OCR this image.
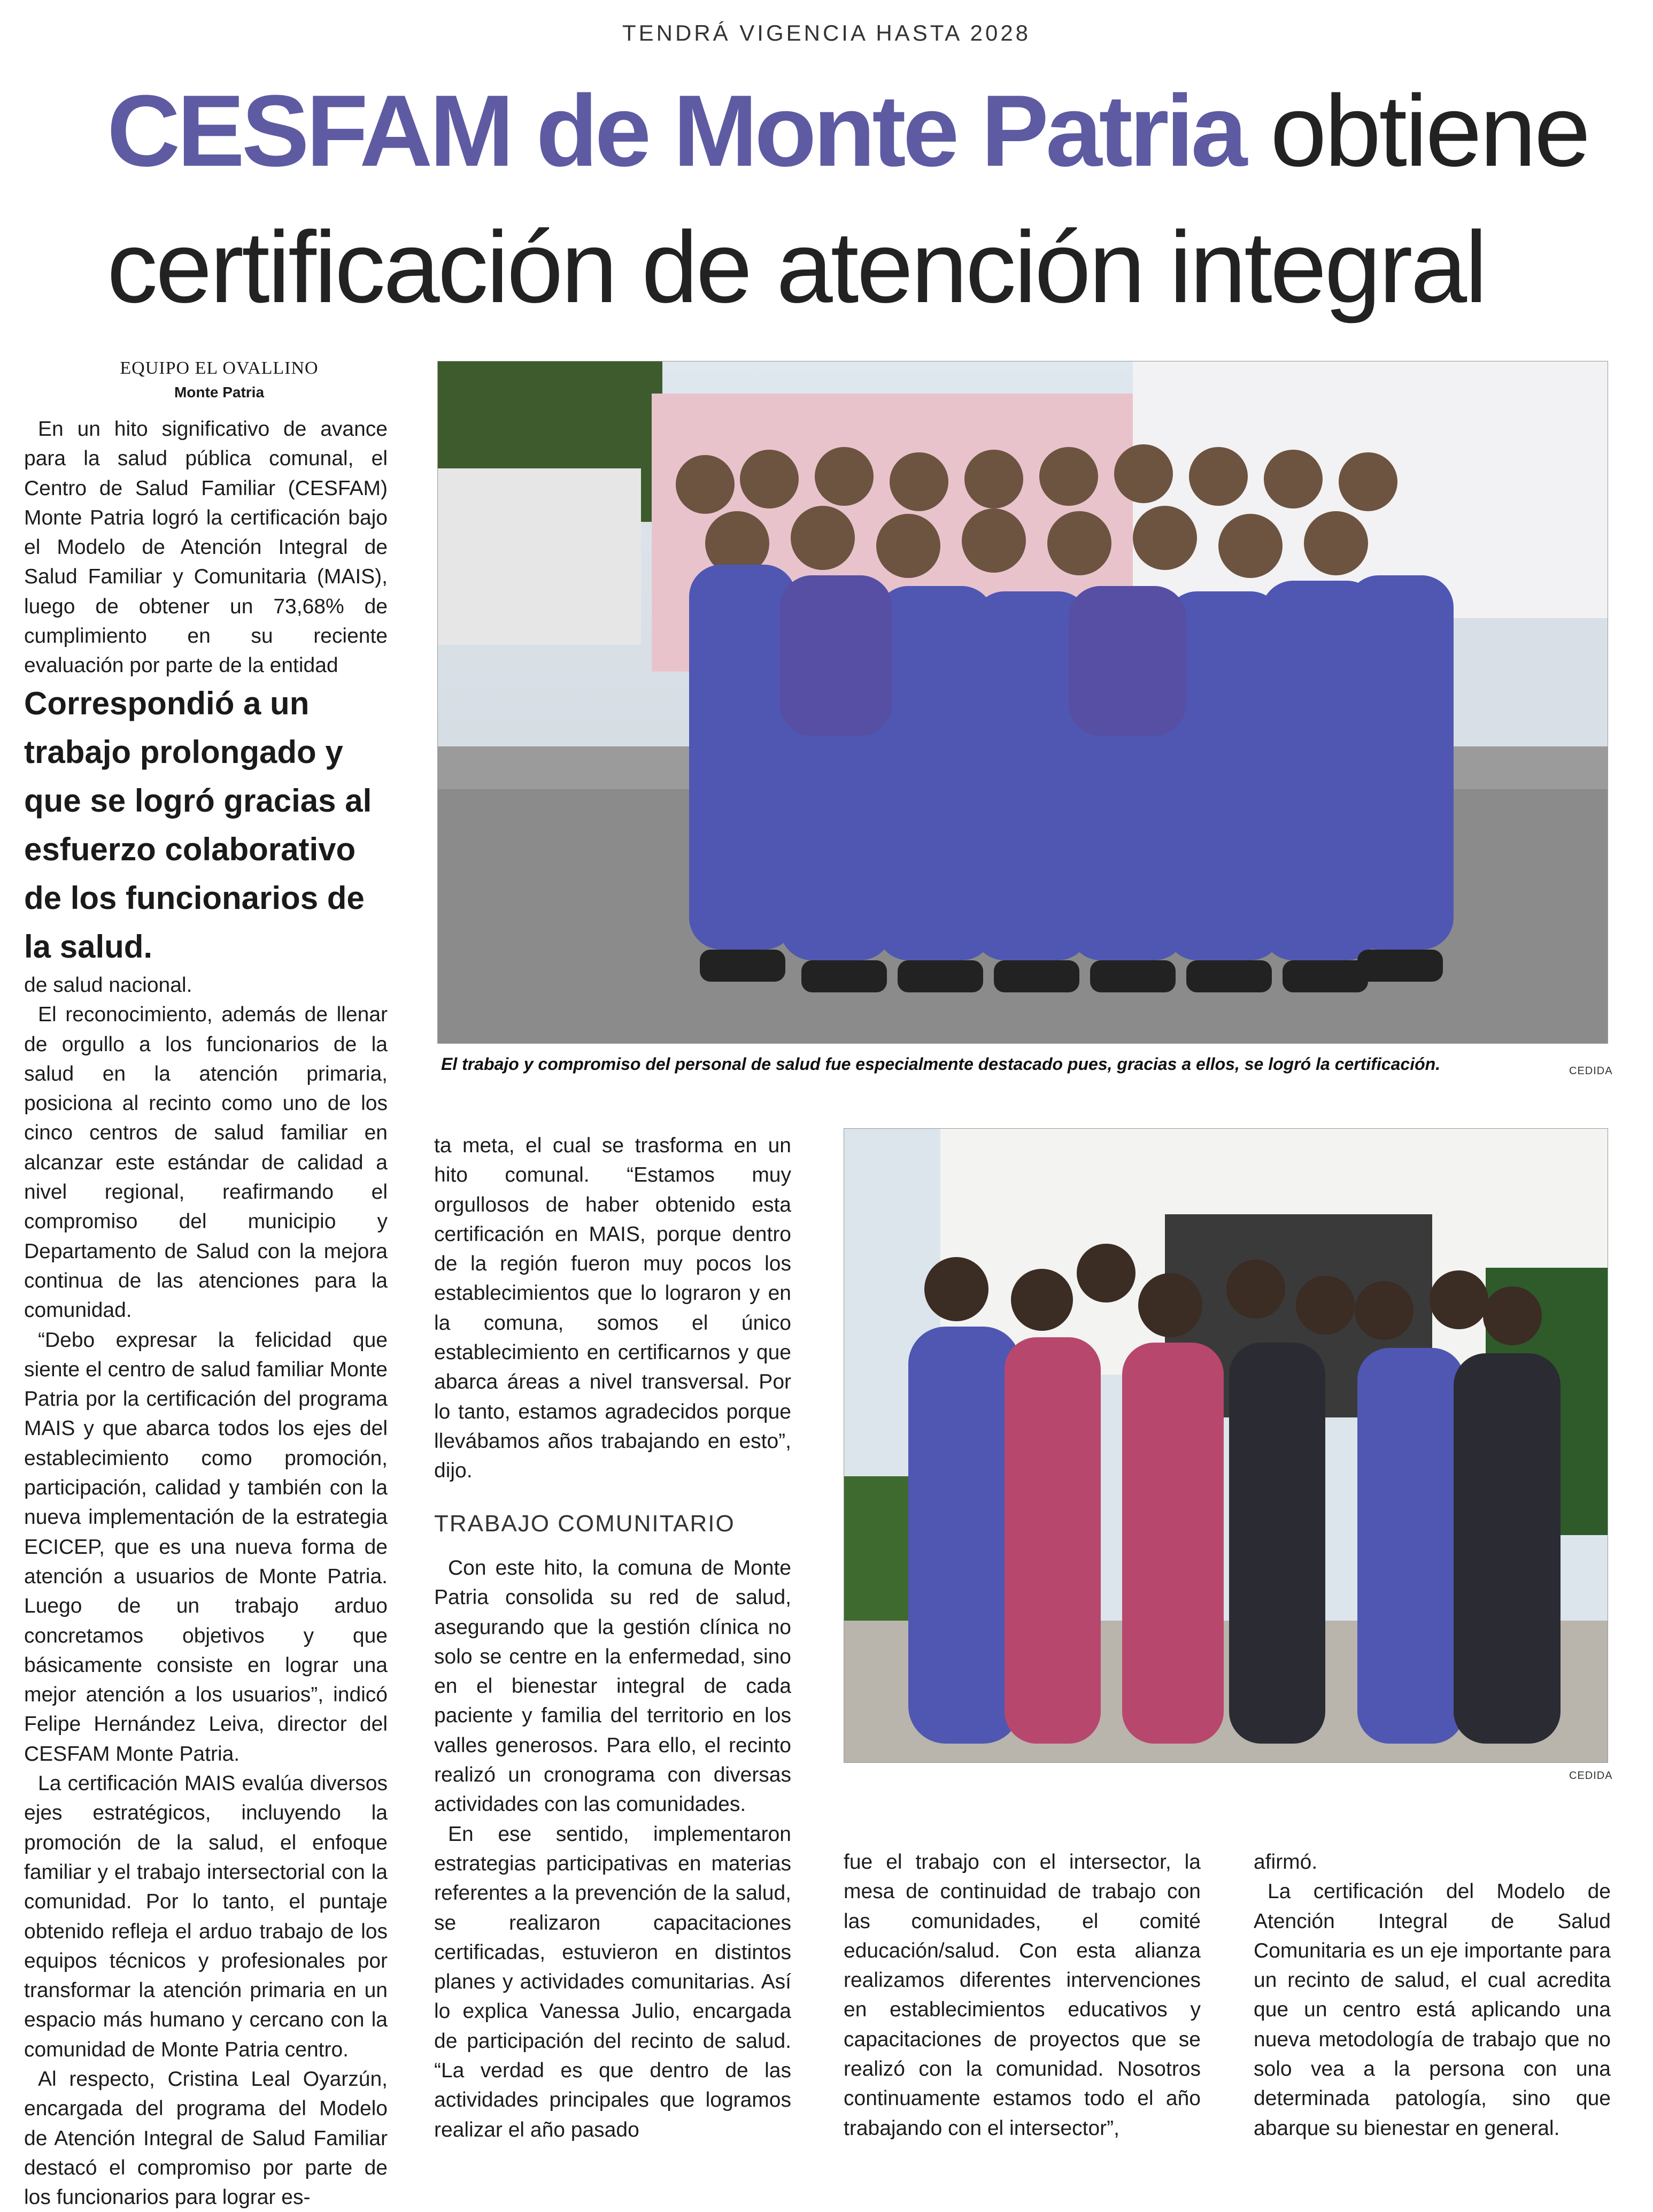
TENDRÁ VIGENCIA HASTA 2028
CESFAM de Monte Patria obtiene
certificación de atención integral
EQUIPO EL OVALLINO
Monte Patria

En un hito significativo de avance para la salud pública comunal, el Centro de Salud Familiar (CESFAM) Monte Patria logró la certificación bajo el Modelo de Atención Integral de Salud Familiar y Comunitaria (MAIS), luego de obtener un 73,68% de cumplimiento en su reciente evaluación por parte de la entidad

Correspondió a un trabajo prolongado y que se logró gracias al esfuerzo colaborativo de los funcionarios de la salud.

de salud nacional.

El reconocimiento, además de llenar de orgullo a los funcionarios de la salud en la atención primaria, posiciona al recinto como uno de los cinco centros de salud familiar en alcanzar este estándar de calidad a nivel regional, reafirmando el compromiso del municipio y Departamento de Salud con la mejora continua de las atenciones para la comunidad.

“Debo expresar la felicidad que siente el centro de salud familiar Monte Patria por la certificación del programa MAIS y que abarca todos los ejes del establecimiento como promoción, participación, calidad y también con la nueva implementación de la estrategia ECICEP, que es una nueva forma de atención a usuarios de Monte Patria. Luego de un trabajo arduo concretamos objetivos y que básicamente consiste en lograr una mejor atención a los usuarios”, indicó Felipe Hernández Leiva, director del CESFAM Monte Patria.

La certificación MAIS evalúa diversos ejes estratégicos, incluyendo la promoción de la salud, el enfoque familiar y el trabajo intersectorial con la comunidad. Por lo tanto, el puntaje obtenido refleja el arduo trabajo de los equipos técnicos y profesionales por transformar la atención primaria en un espacio más humano y cercano con la comunidad de Monte Patria centro.

Al respecto, Cristina Leal Oyarzún, encargada del programa del Modelo de Atención Integral de Salud Familiar destacó el compromiso por parte de los funcionarios para lograr es-

El trabajo y compromiso del personal de salud fue especialmente destacado pues, gracias a ellos, se logró la certificación.	CEDIDA

ta meta, el cual se trasforma en un hito comunal. “Estamos muy orgullosos de haber obtenido esta certificación en MAIS, porque dentro de la región fueron muy pocos los establecimientos que lo lograron y en la comuna, somos el único establecimiento en certificarnos y que abarca áreas a nivel transversal. Por lo tanto, estamos agradecidos porque llevábamos años trabajando en esto”, dijo.

TRABAJO COMUNITARIO

Con este hito, la comuna de Monte Patria consolida su red de salud, asegurando que la gestión clínica no solo se centre en la enfermedad, sino en el bienestar integral de cada paciente y familia del territorio en los valles generosos. Para ello, el recinto realizó un cronograma con diversas actividades con las comunidades.

En ese sentido, implementaron estrategias participativas en materias referentes a la prevención de la salud, se realizaron capacitaciones certificadas, estuvieron en distintos planes y actividades comunitarias. Así lo explica Vanessa Julio, encargada de participación del recinto de salud. “La verdad es que dentro de las actividades principales que logramos realizar el año pasado

CEDIDA

fue el trabajo con el intersector, la mesa de continuidad de trabajo con las comunidades, el comité educación/salud. Con esta alianza realizamos diferentes intervenciones en establecimientos educativos y capacitaciones de proyectos que se realizó con la comunidad. Nosotros continuamente estamos todo el año trabajando con el intersector”,

afirmó.

La certificación del Modelo de Atención Integral de Salud Comunitaria es un eje importante para un recinto de salud, el cual acredita que un centro está aplicando una nueva metodología de trabajo que no solo vea a la persona con una determinada patología, sino que abarque su bienestar en general.
